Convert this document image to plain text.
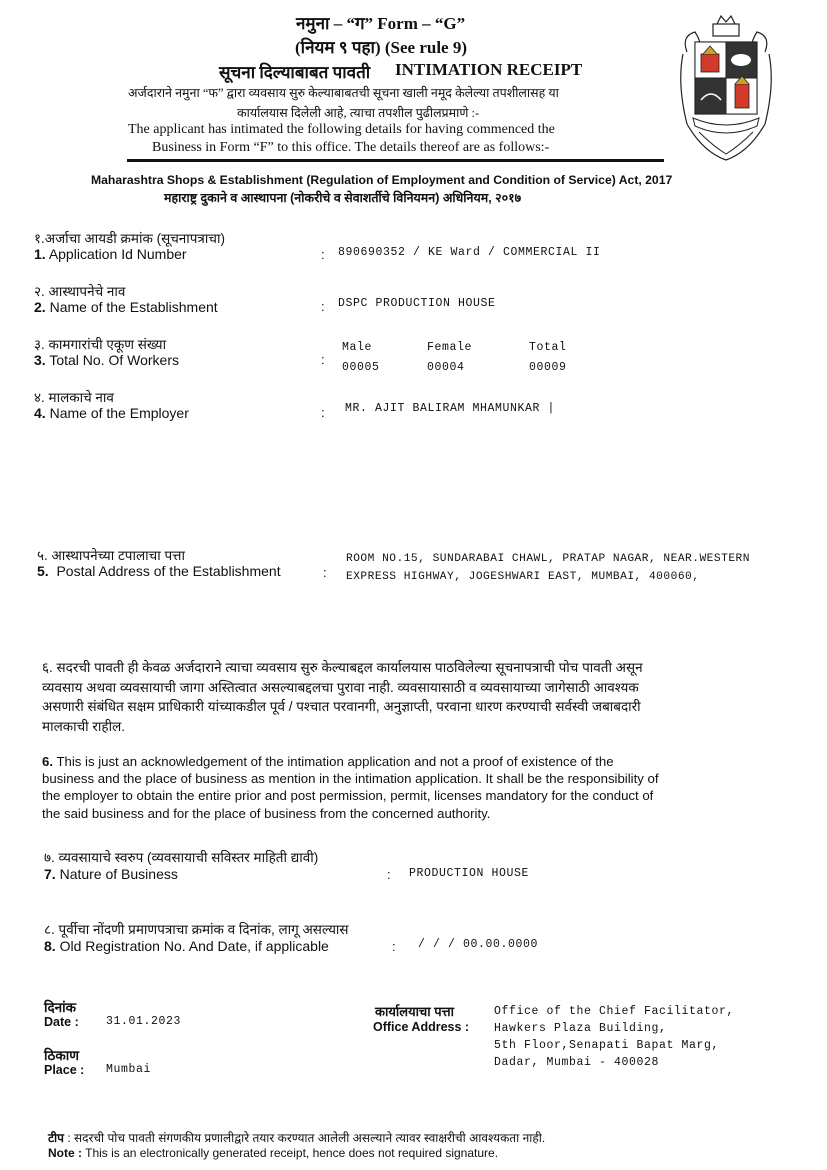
नमुना – “ग” Form – “G”
(नियम ९ पहा) (See rule 9)
सूचना दिल्याबाबत पावती INTIMATION RECEIPT
अर्जदाराने नमुना “फ” द्वारा व्यवसाय सुरु केल्याबाबतची सूचना खाली नमूद केलेल्या तपशीलासह या
कार्यालयास दिलेली आहे, त्याचा तपशील पुढीलप्रमाणे :-
The applicant has intimated the following details for having commenced the
Business in Form “F” to this office. The details thereof are as follows:-
Maharashtra Shops & Establishment (Regulation of Employment and Condition of Service) Act, 2017
महाराष्ट्र दुकाने व आस्थापना (नोकरीचे व सेवाशर्तीचे विनियमन) अधिनियम, २०१७
१.अर्जाचा आयडी क्रमांक (सूचनापत्राचा)
1. Application Id Number	: 890690352 / KE Ward / COMMERCIAL II
२. आस्थापनेचे नाव
2. Name of the Establishment	: DSPC PRODUCTION HOUSE
३. कामगारांची एकूण संख्या
3. Total No. Of Workers	:
Male	Female	Total
00005	00004	00009
४. मालकाचे नाव
4. Name of the Employer	: MR. AJIT BALIRAM MHAMUNKAR |
५. आस्थापनेच्या टपालाचा पत्ता
5. Postal Address of the Establishment	:
ROOM NO.15, SUNDARABAI CHAWL, PRATAP NAGAR, NEAR.WESTERN
EXPRESS HIGHWAY, JOGESHWARI EAST, MUMBAI, 400060,
६. सदरची पावती ही केवळ अर्जदाराने त्याचा व्यवसाय सुरु केल्याबद्दल कार्यालयास पाठविलेल्या सूचनापत्राची पोच पावती असून व्यवसाय अथवा व्यवसायाची जागा अस्तित्वात असल्याबद्दलचा पुरावा नाही. व्यवसायासाठी व व्यवसायाच्या जागेसाठी आवश्यक असणारी संबंधित सक्षम प्राधिकारी यांच्याकडील पूर्व / पश्चात परवानगी, अनुज्ञाप्ती, परवाना धारण करण्याची सर्वस्वी जबाबदारी मालकाची राहील.
6. This is just an acknowledgement of the intimation application and not a proof of existence of the business and the place of business as mention in the intimation application. It shall be the responsibility of the employer to obtain the entire prior and post permission, permit, licenses mandatory for the conduct of the said business and for the place of business from the concerned authority.
७. व्यवसायाचे स्वरुप (व्यवसायाची सविस्तर माहिती द्यावी)
7. Nature of Business	: PRODUCTION HOUSE
८. पूर्वीचा नोंदणी प्रमाणपत्राचा क्रमांक व दिनांक, लागू असल्यास
8. Old Registration No. And Date, if applicable	: / / / 00.00.0000
दिनांक
Date : 31.01.2023
ठिकाण
Place : Mumbai
कार्यालयाचा पत्ता
Office Address :
Office of the Chief Facilitator,
Hawkers Plaza Building,
5th Floor,Senapati Bapat Marg,
Dadar, Mumbai - 400028
टीप : सदरची पोच पावती संगणकीय प्रणालीद्वारे तयार करण्यात आलेली असल्याने त्यावर स्वाक्षरीची आवश्यकता नाही.
Note : This is an electronically generated receipt, hence does not required signature.
